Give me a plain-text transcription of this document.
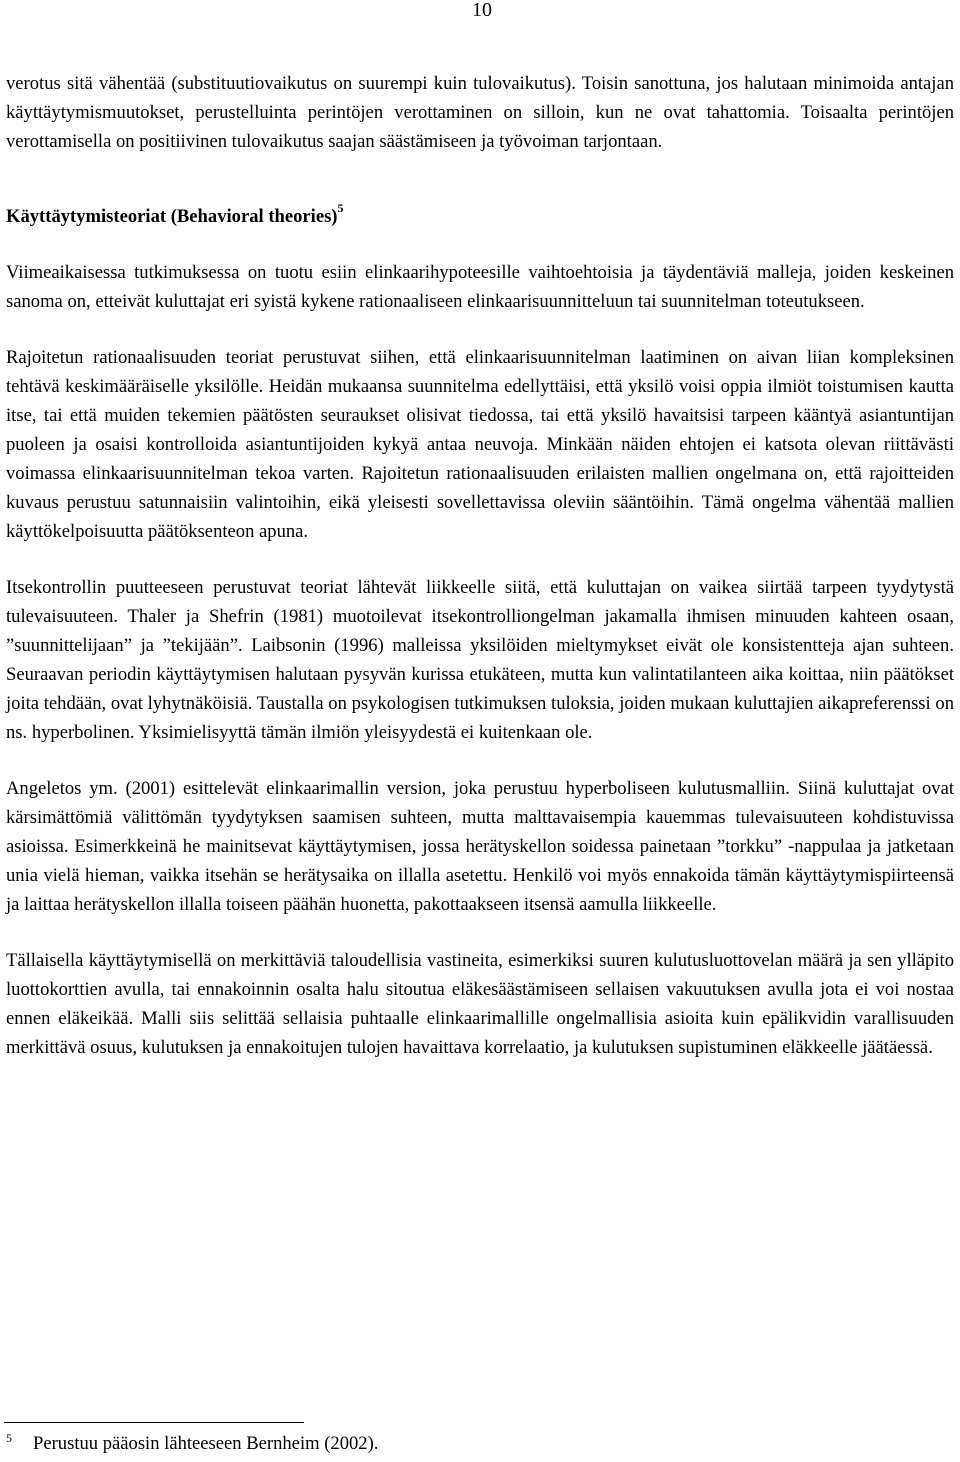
10

verotus sitä vähentää (substituutiovaikutus on suurempi kuin tulovaikutus). Toisin sanottuna, jos halutaan minimoida antajan käyttäytymismuutokset, perustelluinta perintöjen verottaminen on silloin, kun ne ovat tahattomia. Toisaalta perintöjen verottamisella on positiivinen tulovaikutus saajan säästämiseen ja työvoiman tarjontaan.

Käyttäytymisteoriat (Behavioral theories)$^5$

Viimeaikaisessa tutkimuksessa on tuotu esiin elinkaarihypoteesille vaihtoehtoisia ja täydentäviä malleja, joiden keskeinen sanoma on, etteivät kuluttajat eri syistä kykene rationaaliseen elinkaarisuunnitteluun tai suunnitelman toteutukseen.

Rajoitetun rationaalisuuden teoriat perustuvat siihen, että elinkaarisuunnitelman laatiminen on aivan liian kompleksinen tehtävä keskimääräiselle yksilölle. Heidän mukaansa suunnitelma edellyttäisi, että yksilö voisi oppia ilmiöt toistumisen kautta itse, tai että muiden tekemien päätösten seuraukset olisivat tiedossa, tai että yksilö havaitsisi tarpeen kääntyä asiantuntijan puoleen ja osaisi kontrolloida asiantuntijoiden kykyä antaa neuvoja. Minkään näiden ehtojen ei katsota olevan riittävästi voimassa elinkaarisuunnitelman tekoa varten. Rajoitetun rationaalisuuden erilaisten mallien ongelmana on, että rajoitteiden kuvaus perustuu satunnaisiin valintoihin, eikä yleisesti sovellettavissa oleviin sääntöihin. Tämä ongelma vähentää mallien käyttökelpoisuutta päätöksenteon apuna.

Itsekontrollin puutteeseen perustuvat teoriat lähtevät liikkeelle siitä, että kuluttajan on vaikea siirtää tarpeen tyydytystä tulevaisuuteen. Thaler ja Shefrin (1981) muotoilevat itsekontrolliongelman jakamalla ihmisen minuuden kahteen osaan, ”suunnittelijaan” ja ”tekijään”. Laibsonin (1996) malleissa yksilöiden mieltymykset eivät ole konsistentteja ajan suhteen. Seuraavan periodin käyttäytymisen halutaan pysyvän kurissa etukäteen, mutta kun valintatilanteen aika koittaa, niin päätökset joita tehdään, ovat lyhytnäköisiä. Taustalla on psykologisen tutkimuksen tuloksia, joiden mukaan kuluttajien aikapreferenssi on ns. hyperbolinen. Yksimielisyyttä tämän ilmiön yleisyydestä ei kuitenkaan ole.

Angeletos ym. (2001) esittelevät elinkaarimallin version, joka perustuu hyperboliseen kulutusmalliin. Siinä kuluttajat ovat kärsimättömiä välittömän tyydytyksen saamisen suhteen, mutta malttavaisempia kauemmas tulevaisuuteen kohdistuvissa asioissa. Esimerkkeinä he mainitsevat käyttäytymisen, jossa herätyskellon soidessa painetaan ”torkku” -nappulaa ja jatketaan unia vielä hieman, vaikka itsehän se herätysaika on illalla asetettu. Henkilö voi myös ennakoida tämän käyttäytymispiirteensä ja laittaa herätyskellon illalla toiseen päähän huonetta, pakottaakseen itsensä aamulla liikkeelle.

Tällaisella käyttäytymisellä on merkittäviä taloudellisia vastineita, esimerkiksi suuren kulutusluottovelan määrä ja sen ylläpito luottokorttien avulla, tai ennakoinnin osalta halu sitoutua eläkesäästämiseen sellaisen vakuutuksen avulla jota ei voi nostaa ennen eläkeikää. Malli siis selittää sellaisia puhtaalle elinkaarimallille ongelmallisia asioita kuin epälikvidin varallisuuden merkittävä osuus, kulutuksen ja ennakoitujen tulojen havaittava korrelaatio, ja kulutuksen supistuminen eläkkeelle jäätäessä.

5 Perustuu pääosin lähteeseen Bernheim (2002).
